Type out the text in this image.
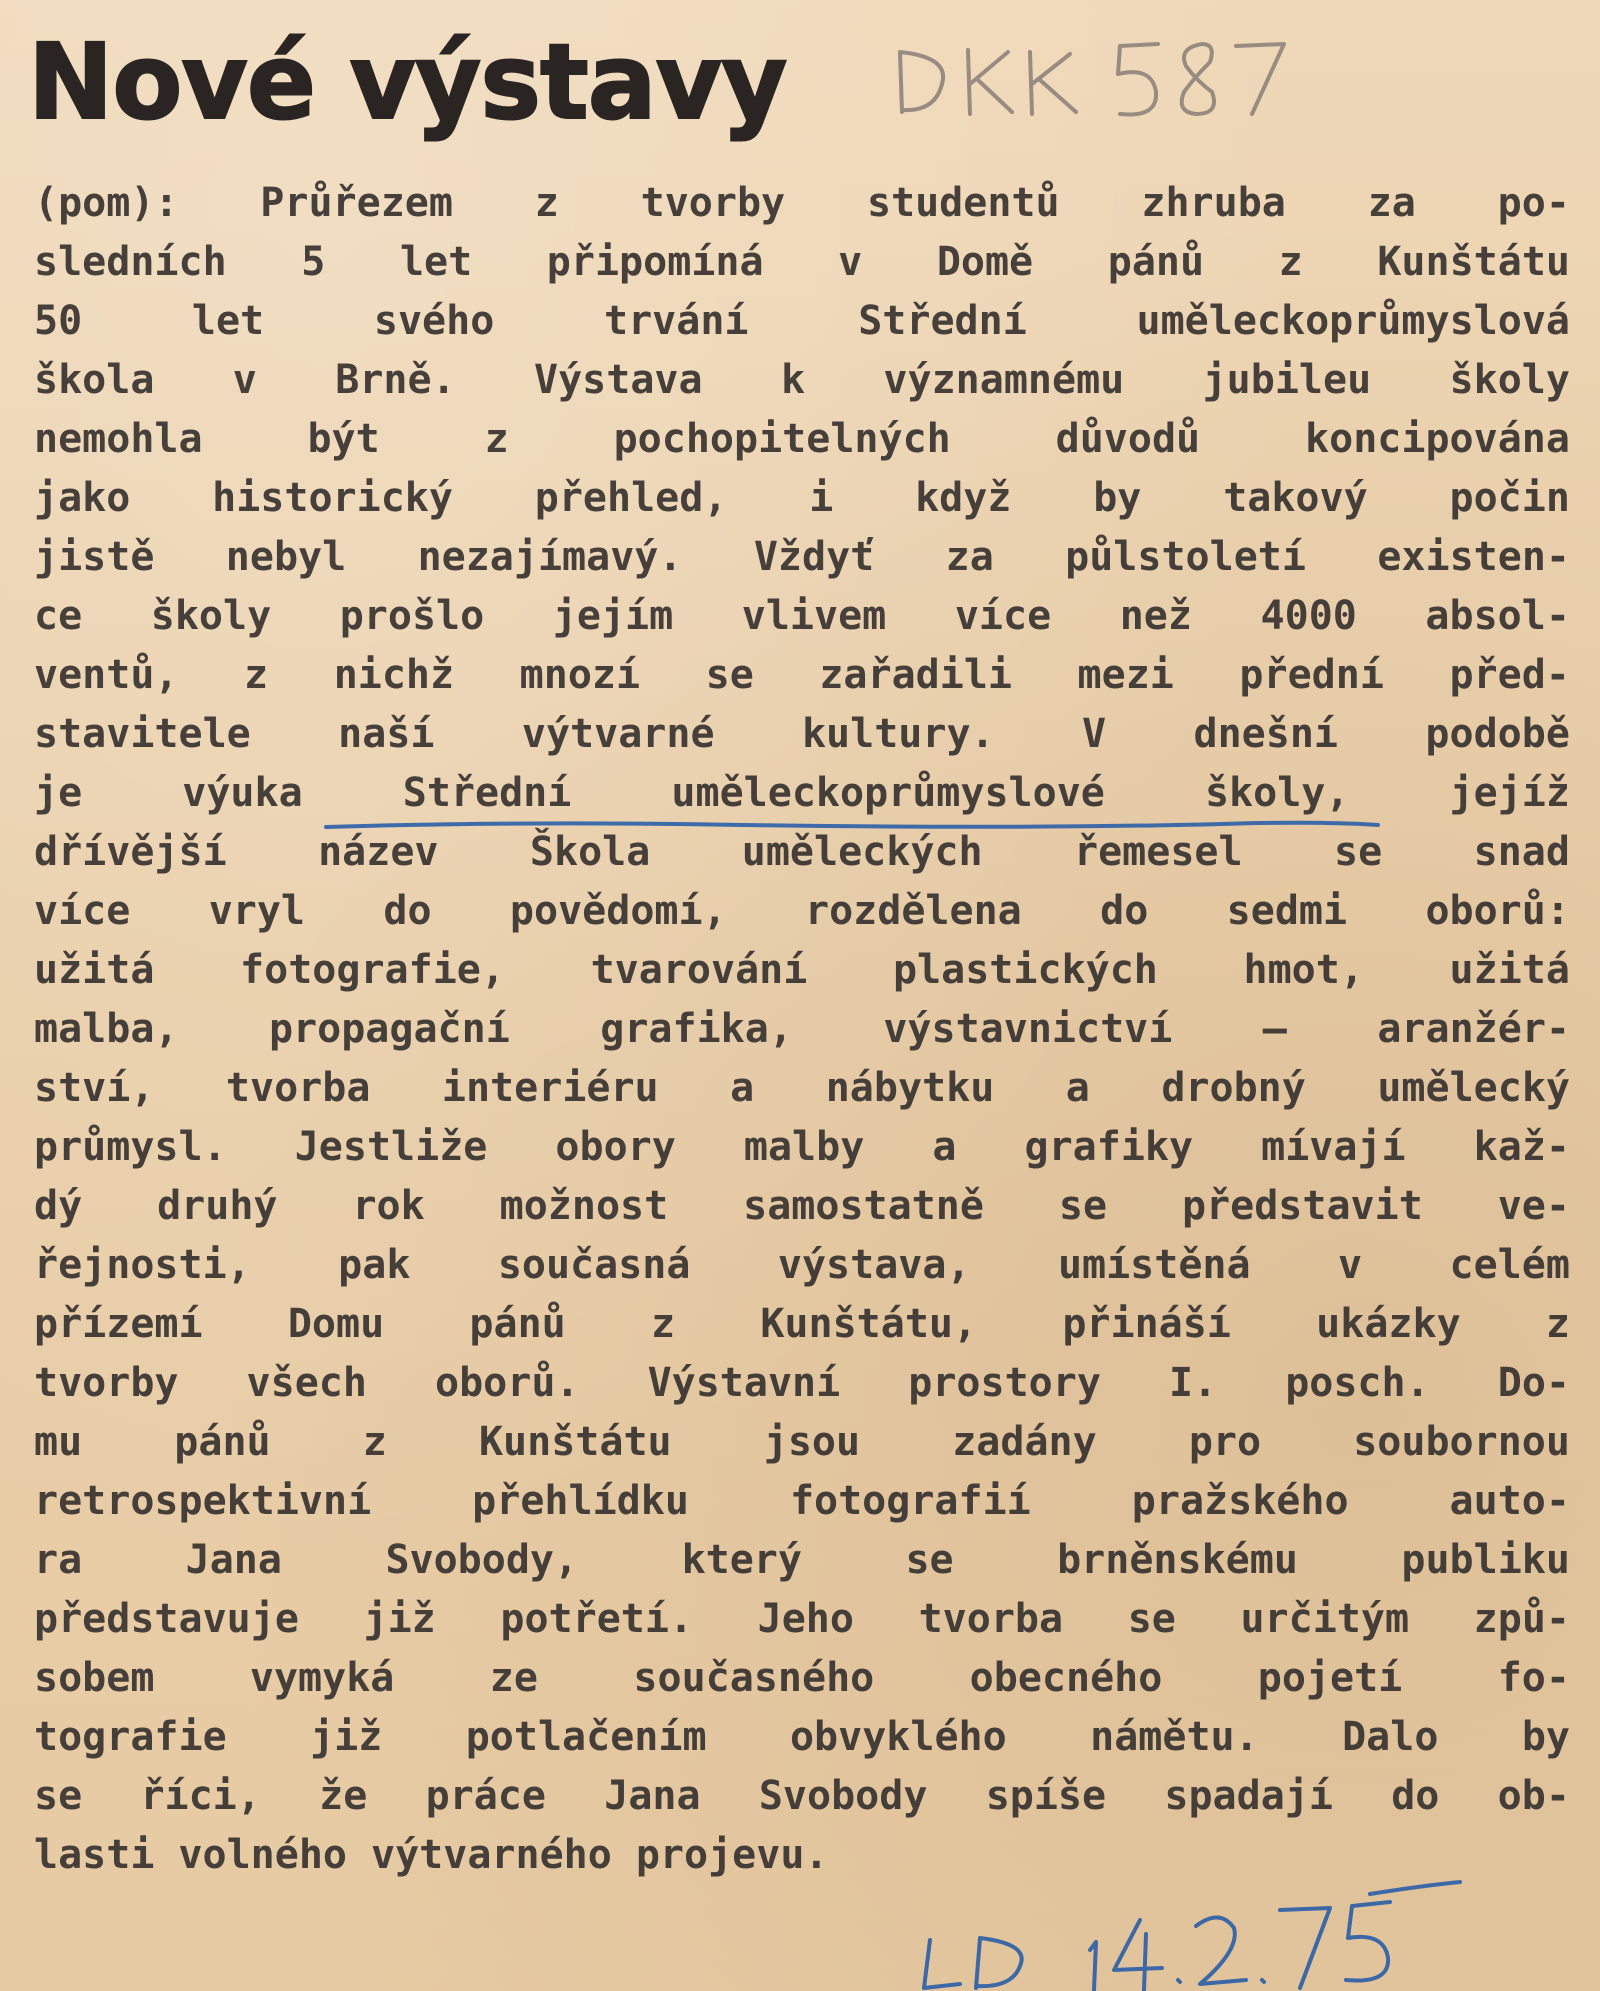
Nové výstavy
(pom): Průřezem z tvorby studentů zhruba za po-
sledních 5 let připomíná v Domě pánů z Kunštátu
50	let	svého	trvání	Střední	uměleckoprůmyslová
škola v Brně. Výstava k významnému jubileu školy
nemohla	být	z	pochopitelných	důvodů	koncipována
jako historický přehled, i když by takový počin
jistě nebyl nezajímavý. Vždyť za půlstoletí existen-
ce školy prošlo jejím vlivem více než 4000 absol-
ventů, z nichž mnozí se zařadili mezi přední před-
stavitele naší výtvarné kultury. V dnešní podobě
je	výuka	Střední	uměleckoprůmyslové	školy,	jejíž
dřívější název Škola uměleckých řemesel se snad
více vryl do povědomí, rozdělena do sedmi oborů:
užitá fotografie, tvarování plastických hmot, užitá
malba, propagační grafika, výstavnictví — aranžér-
ství, tvorba interiéru a nábytku a drobný umělecký
průmysl. Jestliže obory malby a grafiky mívají kaž-
dý druhý rok možnost samostatně se představit ve-
řejnosti, pak současná výstava, umístěná v celém
přízemí Domu pánů z Kunštátu, přináší ukázky z
tvorby všech oborů. Výstavní prostory I. posch. Do-
mu pánů z Kunštátu jsou zadány pro soubornou
retrospektivní	přehlídku	fotografií	pražského	auto-
ra	Jana	Svobody,	který	se	brněnskému	publiku
představuje již potřetí. Jeho tvorba se určitým způ-
sobem vymyká ze současného obecného pojetí fo-
tografie již potlačením obvyklého námětu. Dalo by
se říci, že práce Jana Svobody spíše spadají do ob-
lasti volného výtvarného projevu.
